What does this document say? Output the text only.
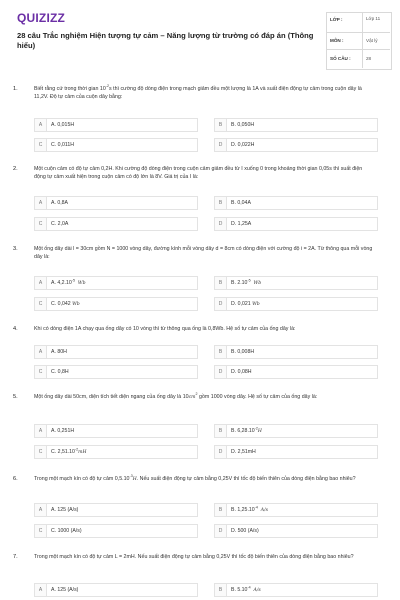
QUIZIZZ
28 câu Trắc nghiệm Hiện tượng tự cảm – Năng lượng từ trường có đáp án (Thông hiểu)
LỚP :	Lớp 11
MÔN :	Vật lý
SỐ CÂU :	28
1.	Biết rằng cứ trong thời gian $10^{-2}s$ thì cường độ dòng điện trong mạch giảm đều một lượng là 1A và suất điện động tự cảm trong cuộn dây là 11,2V. Độ tự cảm của cuộn dây bằng:
A	A. 0,015H	B	B. 0,050H
C	C. 0,011H	D	D. 0,022H
2.	Một cuộn cảm có độ tự cảm 0,2H. Khi cường độ dòng điện trong cuộn cảm giảm đều từ I xuống 0 trong khoảng thời gian 0,05s thì suất điện động tự cảm xuất hiện trong cuộn cảm có độ lớn là 8V. Giá trị của I là:
A	A. 0,8A	B	B. 0,04A
C	C. 2,0A	D	D. 1,25A
3.	Một ống dây dài l = 30cm gồm N = 1000 vòng dây, đường kính mỗi vòng dây d = 8cm có dòng điện với cường độ i = 2A. Từ thông qua mỗi vòng dây là:
A	A. $4,2.10^{-5}$  Wb	B	B. $2.10^{-5}$  Wb
C	C. 0,042 Wb	D	D. 0,021 Wb
4.	Khi có dòng điện 1A chạy qua ống dây có 10 vòng thì từ thông qua ống là 0,8Wb. Hệ số tự cảm của ống dây là:
A	A. 80H	B	B. 0,008H
C	C. 0,8H	D	D. 0,08H
5.	Một ống dây dài 50cm, diện tích tiết diện ngang của ống dây là $10cm^2$ gồm 1000 vòng dây. Hệ số tự cảm của ống dây là:
A	A. 0,251H	B	B. $6,28.10^{-2}H$
C	C. $2,51.10^{-2}mH$	D	D. 2,51mH
6.	Trong một mạch kín có độ tự cảm $0,5.10^{-3}H$. Nếu suất điện động tự cảm bằng 0,25V thì tốc độ biến thiên của dòng điện bằng bao nhiêu?
A	A. 125 (A/s)	B	B. $1,25.10^{-4}$  A/s
C	C. 1000 (A/s)	D	D. 500 (A/s)
7.	Trong một mạch kín có độ tự cảm L = 2mH. Nếu suất điện động tự cảm bằng 0,25V thì tốc độ biến thiên của dòng điện bằng bao nhiêu?
A	A. 125 (A/s)	B	B. $5.10^{-4}$  A/s
